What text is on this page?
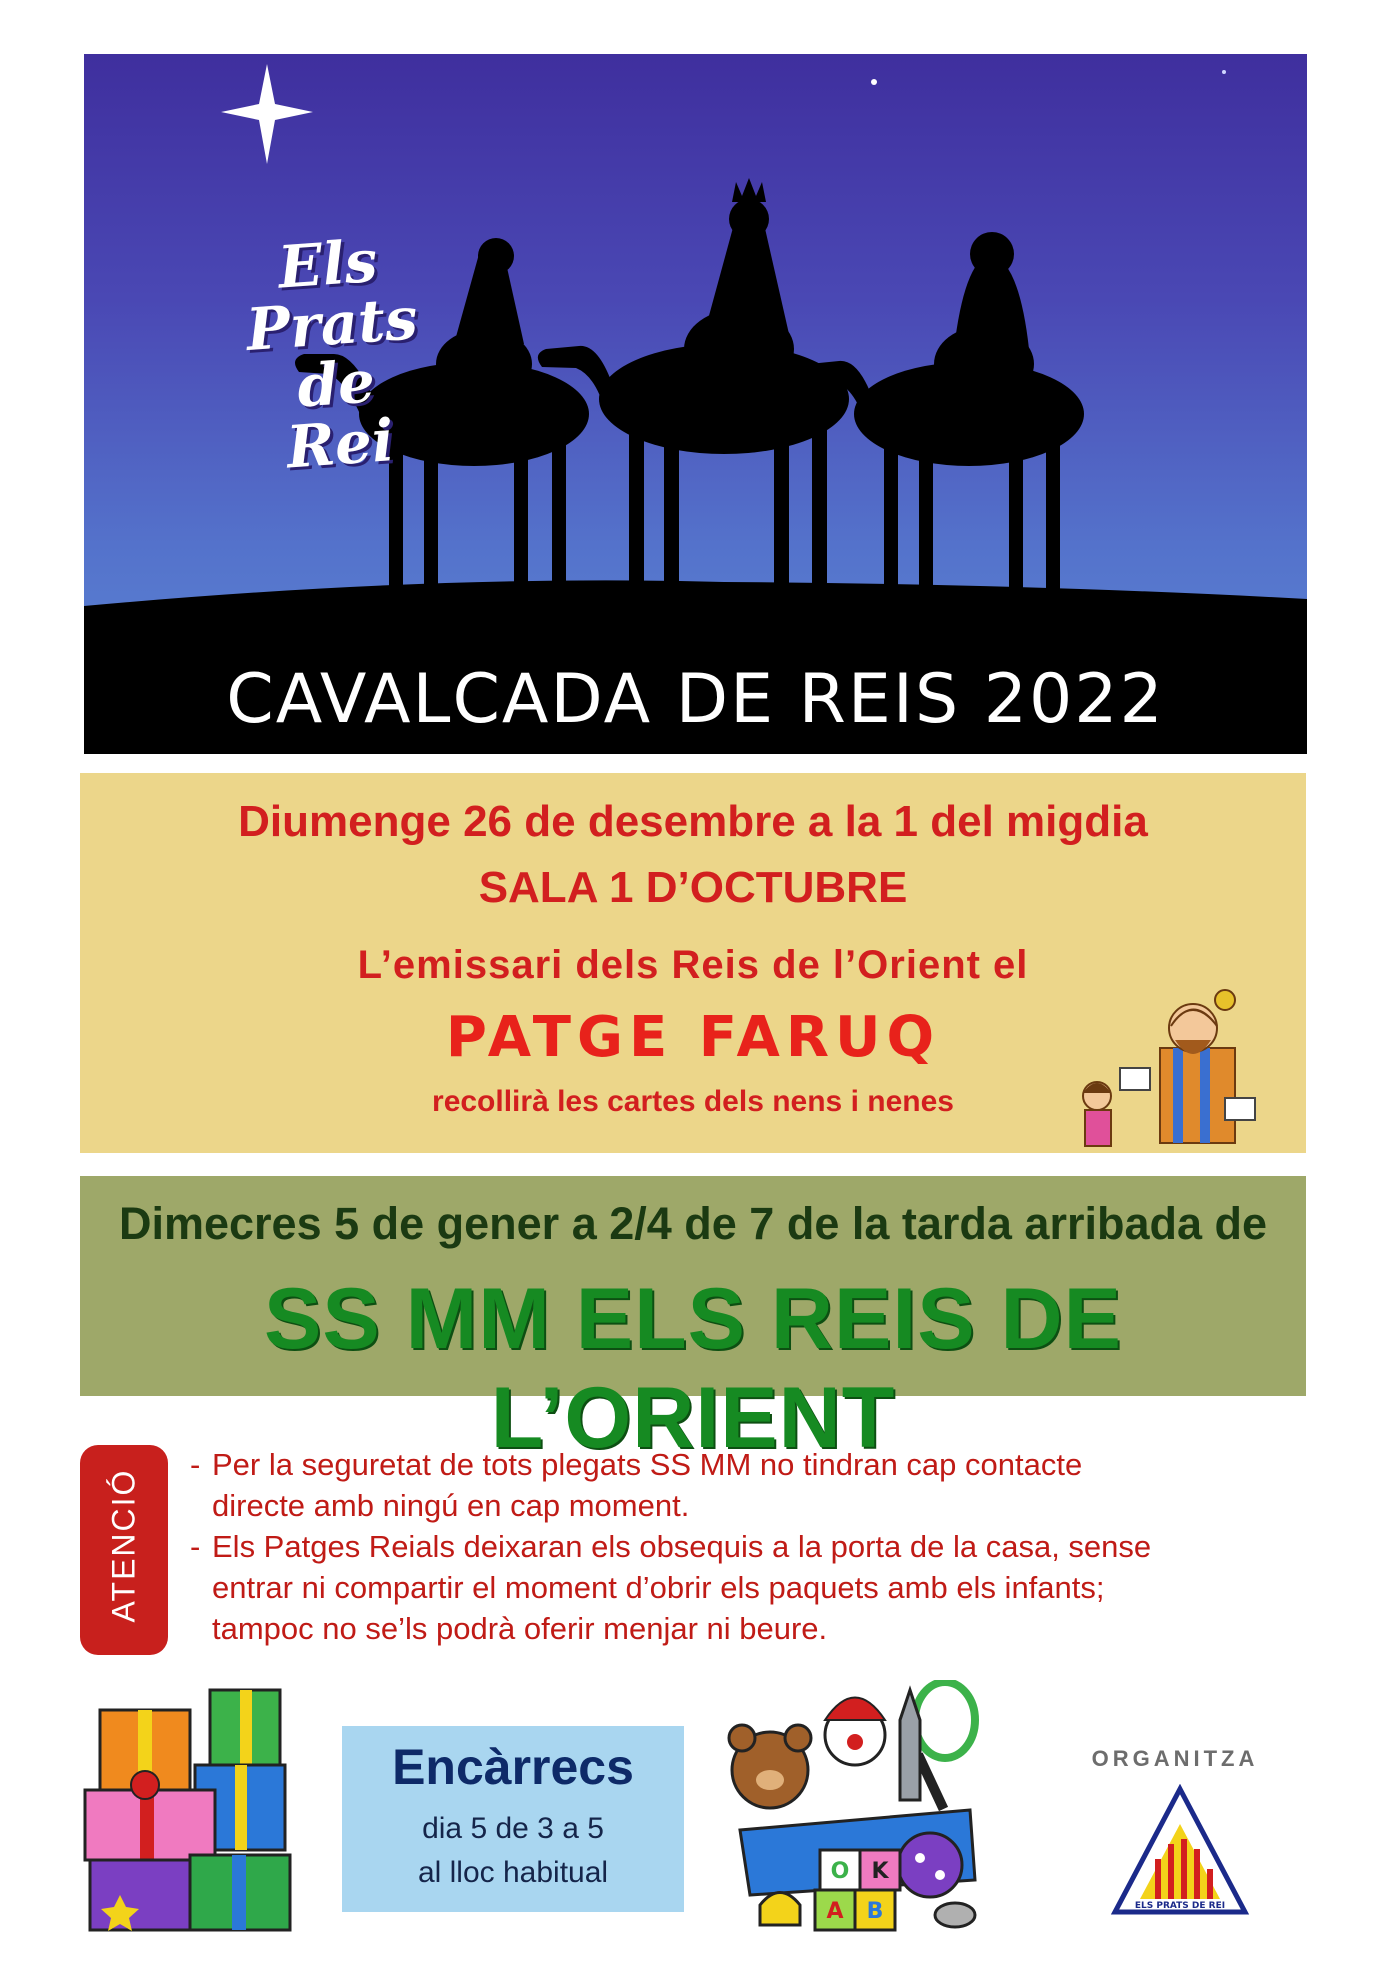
Els
Prats
de
Rei
CAVALCADA DE REIS 2022
Diumenge 26 de desembre a la 1 del migdia
SALA 1 D’OCTUBRE
L’emissari dels Reis de l’Orient el
PATGE FARUQ
recollirà les cartes dels nens i nenes
Dimecres 5 de gener a 2/4 de 7 de la tarda arribada de
SS MM ELS REIS DE L’ORIENT
ATENCIÓ
- Per la seguretat de tots plegats SS MM no tindran cap contacte
directe amb ningú en cap moment.
- Els Patges Reials deixaran els obsequis a la porta de la casa, sense
entrar ni compartir el moment d’obrir els paquets amb els infants;
tampoc no se’ls podrà oferir menjar ni beure.
Encàrrecs
dia 5 de 3 a 5
al lloc habitual
A B
O K
ORGANITZA
ELS PRATS DE REI
